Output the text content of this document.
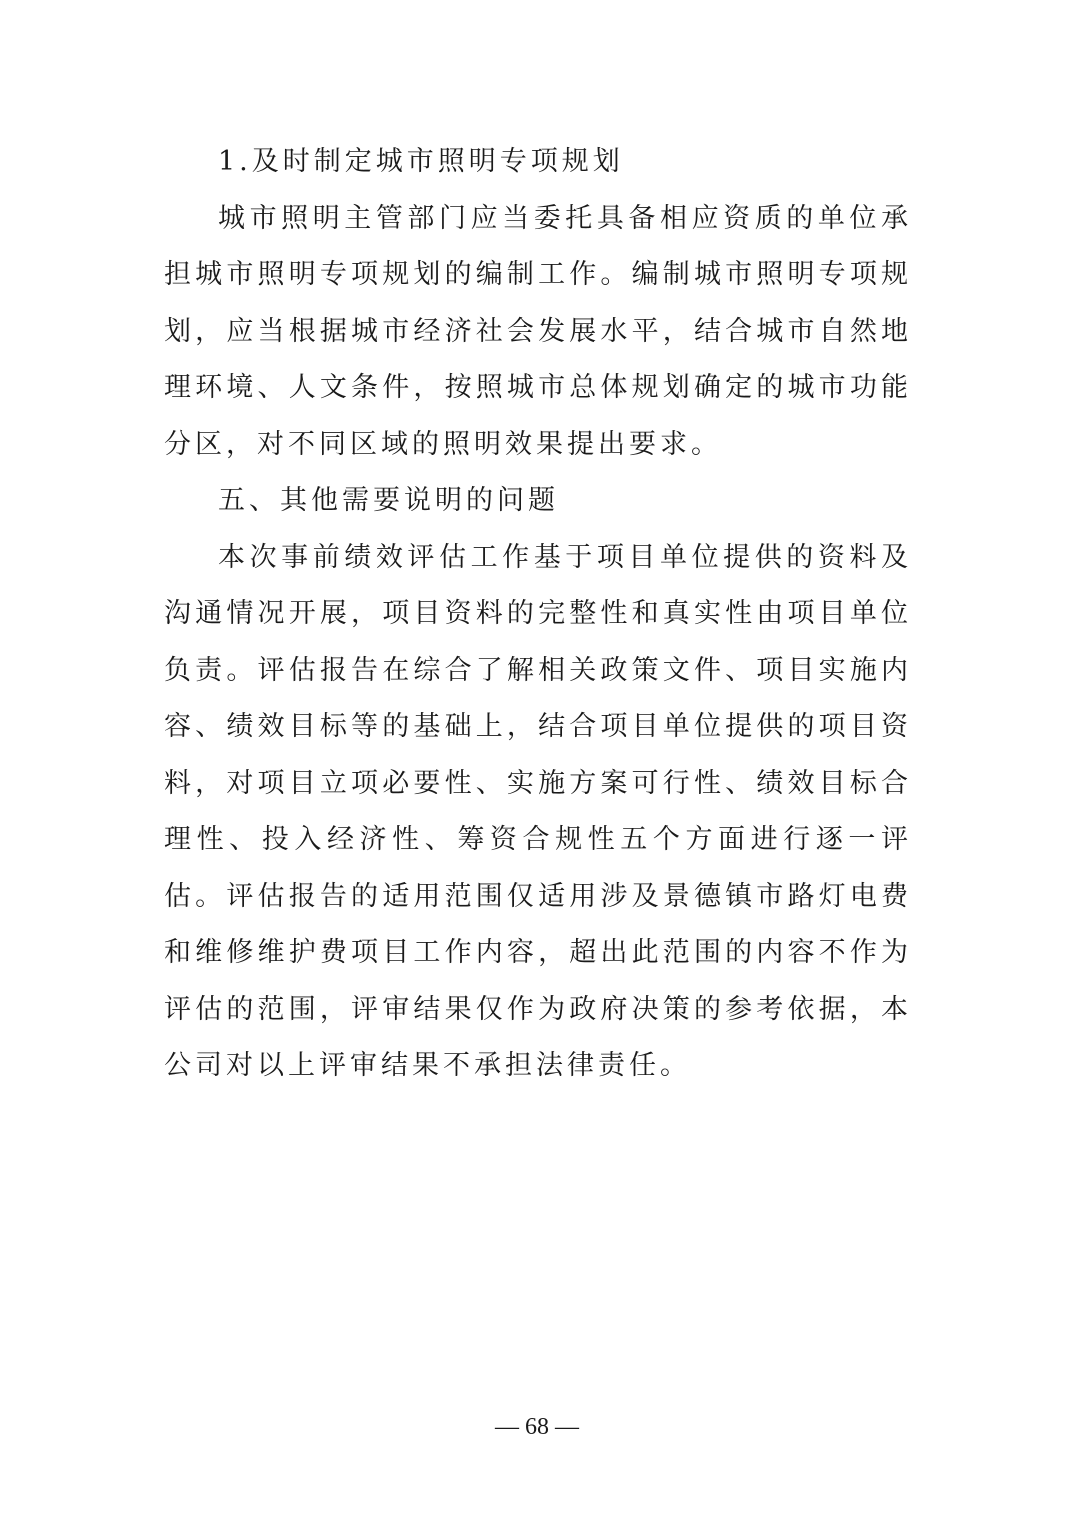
1.及时制定城市照明专项规划

城市照明主管部门应当委托具备相应资质的单位承担城市照明专项规划的编制工作。编制城市照明专项规划，应当根据城市经济社会发展水平，结合城市自然地理环境、人文条件，按照城市总体规划确定的城市功能分区，对不同区域的照明效果提出要求。

五、其他需要说明的问题

本次事前绩效评估工作基于项目单位提供的资料及沟通情况开展，项目资料的完整性和真实性由项目单位负责。评估报告在综合了解相关政策文件、项目实施内容、绩效目标等的基础上，结合项目单位提供的项目资料，对项目立项必要性、实施方案可行性、绩效目标合理性、投入经济性、筹资合规性五个方面进行逐一评估。评估报告的适用范围仅适用涉及景德镇市路灯电费和维修维护费项目工作内容，超出此范围的内容不作为评估的范围，评审结果仅作为政府决策的参考依据，本公司对以上评审结果不承担法律责任。

— 68 —
